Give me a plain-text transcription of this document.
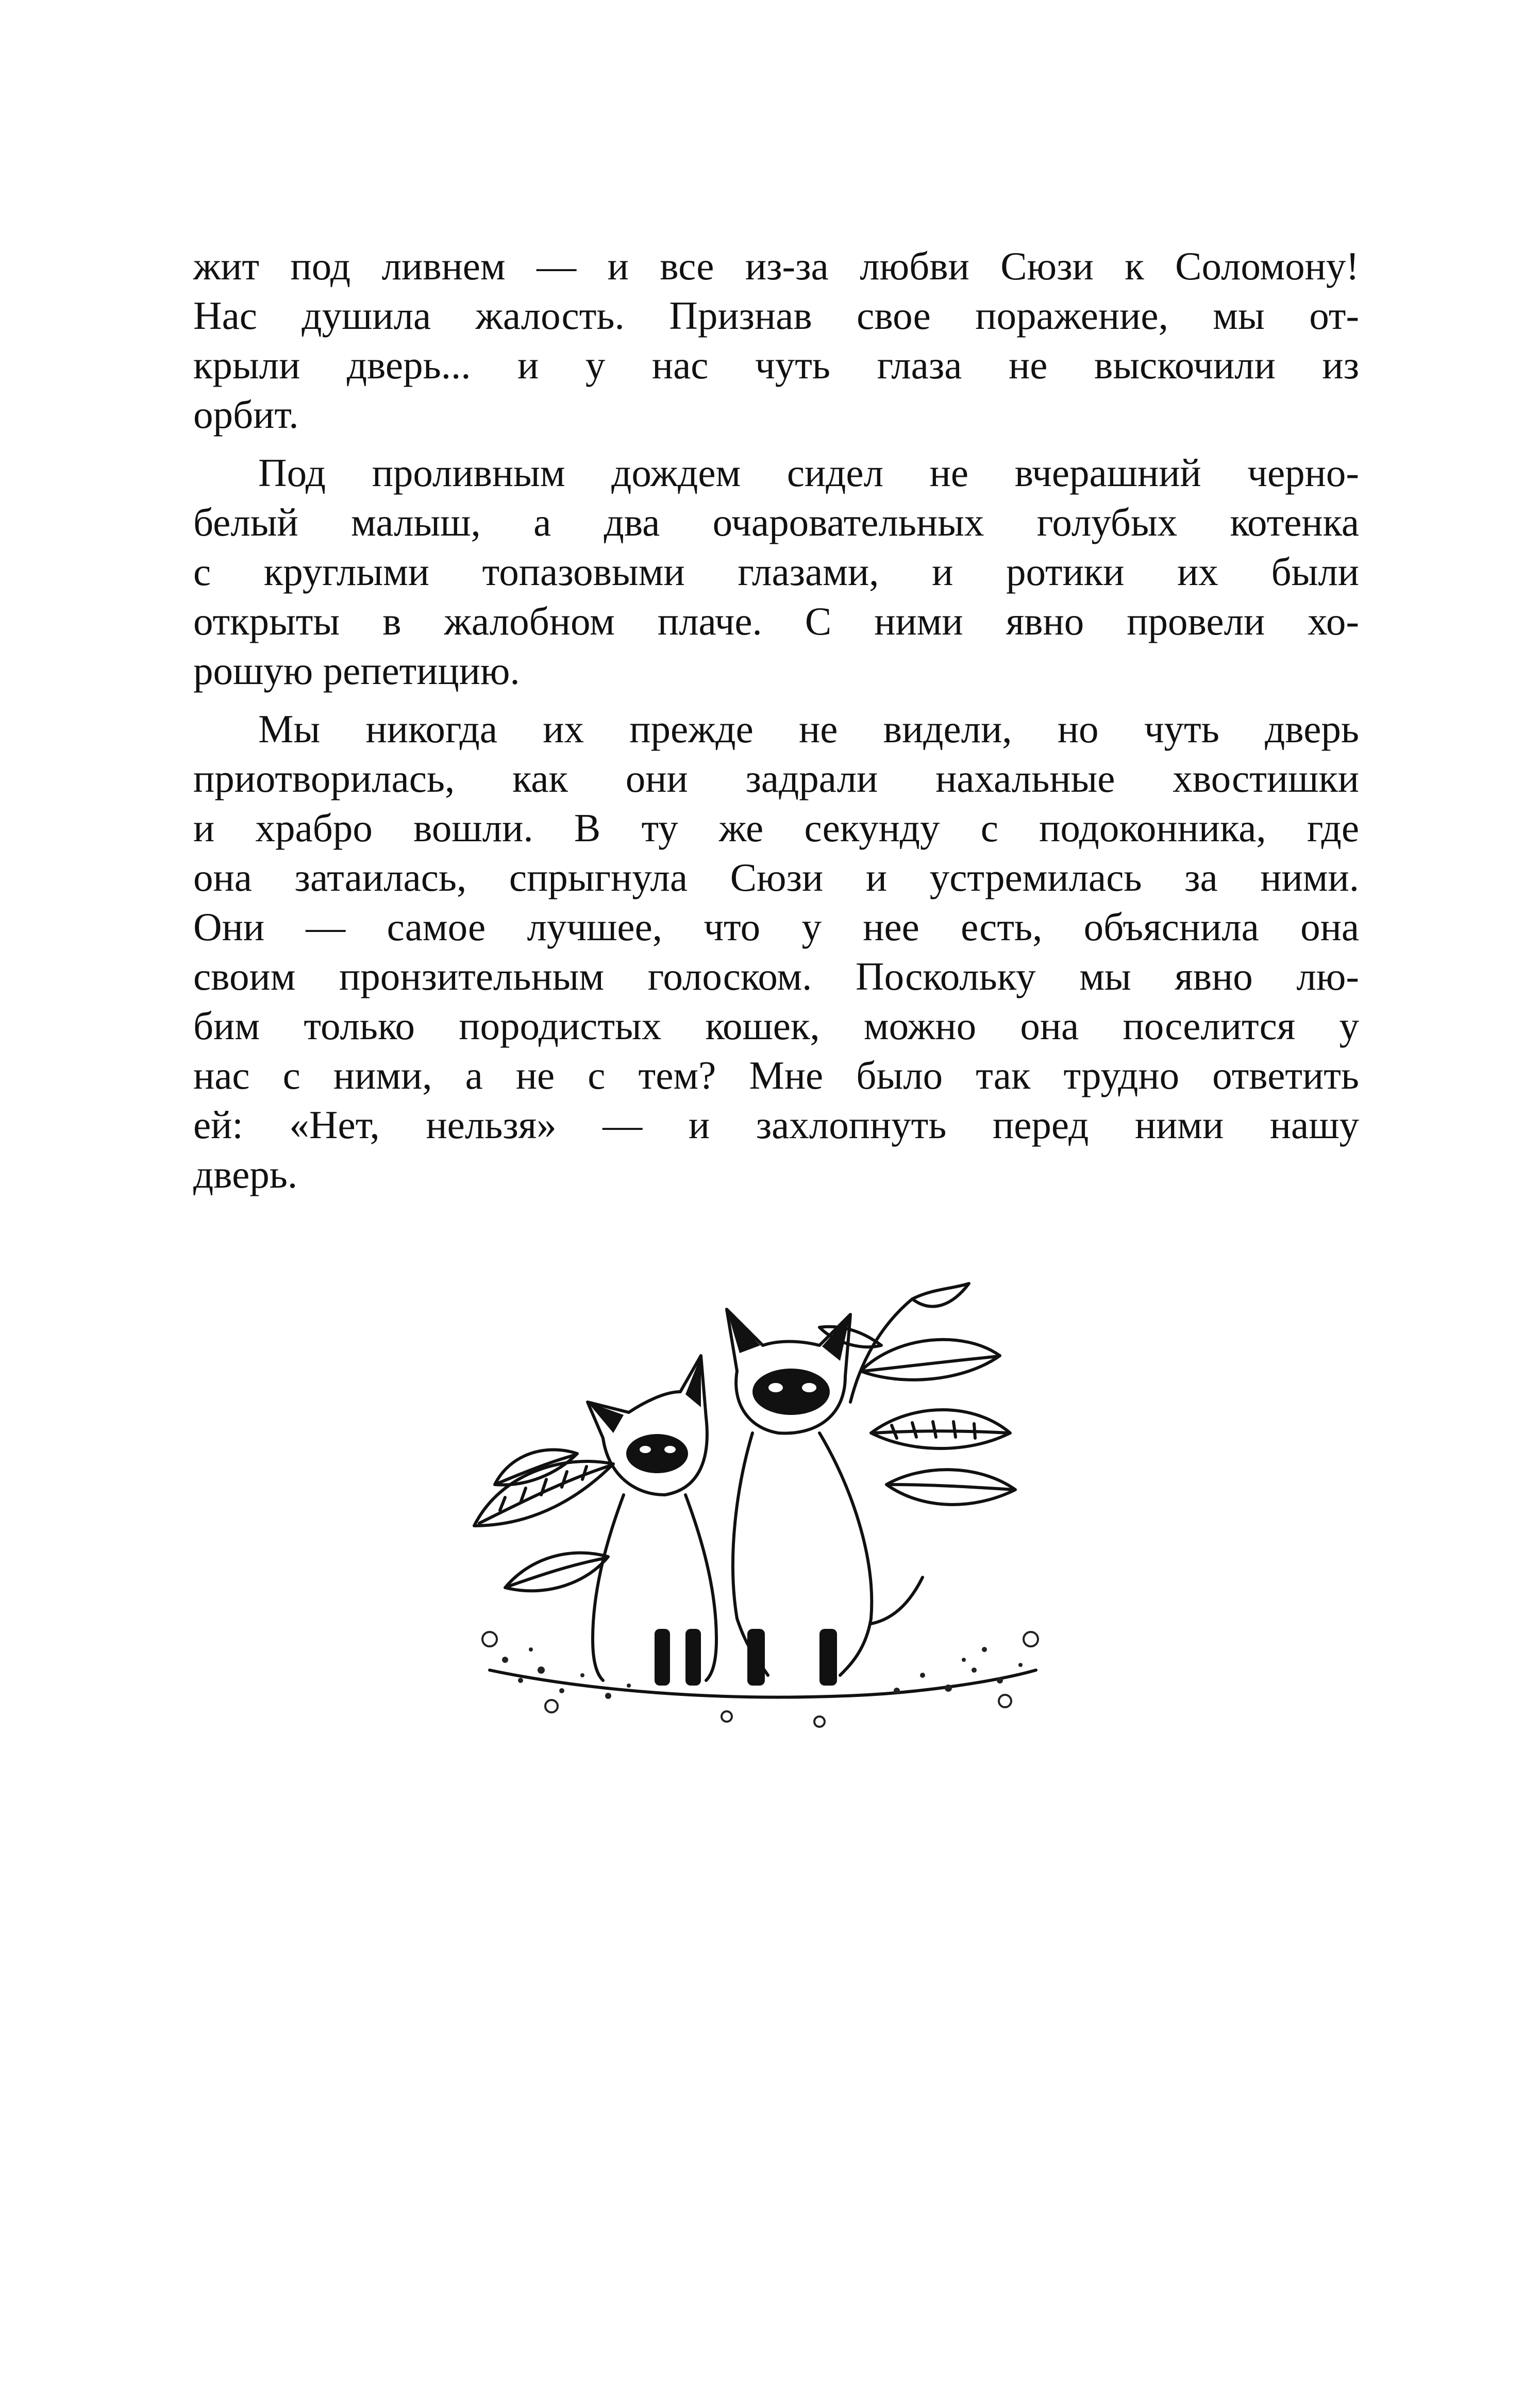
жит под ливнем — и все из-за любви Сюзи к Соломону!
Нас душила жалость. Признав свое поражение, мы от-
крыли дверь... и у нас чуть глаза не выскочили из
орбит.
Под проливным дождем сидел не вчерашний черно-
белый малыш, а два очаровательных голубых котенка
с круглыми топазовыми глазами, и ротики их были
открыты в жалобном плаче. С ними явно провели хо-
рошую репетицию.
Мы никогда их прежде не видели, но чуть дверь
приотворилась, как они задрали нахальные хвостишки
и храбро вошли. В ту же секунду с подоконника, где
она затаилась, спрыгнула Сюзи и устремилась за ними.
Они — самое лучшее, что у нее есть, объяснила она
своим пронзительным голоском. Поскольку мы явно лю-
бим только породистых кошек, можно она поселится у
нас с ними, а не с тем? Мне было так трудно ответить
ей: «Нет, нельзя» — и захлопнуть перед ними нашу
дверь.
